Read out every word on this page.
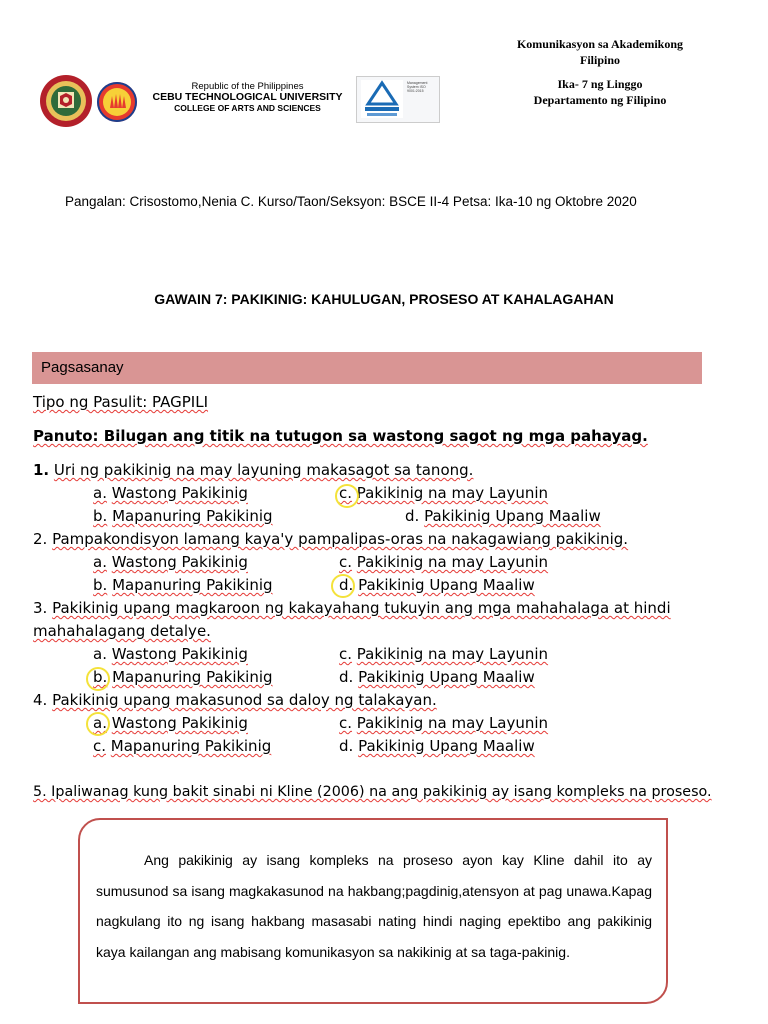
Komunikasyon sa Akademikong
Filipino
Ika- 7 ng Linggo
Departamento ng Filipino
Republic of the Philippines
CEBU TECHNOLOGICAL UNIVERSITY
COLLEGE OF ARTS AND SCIENCES
Management System ISO 9001:2015
Pangalan: Crisostomo,Nenia C. Kurso/Taon/Seksyon: BSCE II-4 Petsa: Ika-10 ng Oktobre 2020
GAWAIN 7: PAKIKINIG: KAHULUGAN, PROSESO AT KAHALAGAHAN
Pagsasanay
Tipo ng Pasulit: PAGPILI
Panuto: Bilugan ang titik na tutugon sa wastong sagot ng mga pahayag.
1. Uri ng pakikinig na may layuning makasagot sa tanong.
a. Wastong Pakikinig	c. Pakikinig na may Layunin
b. Mapanuring Pakikinig	d. Pakikinig Upang Maaliw
2. Pampakondisyon lamang kaya'y pampalipas-oras na nakagawiang pakikinig.
a. Wastong Pakikinig	c. Pakikinig na may Layunin
b. Mapanuring Pakikinig	d. Pakikinig Upang Maaliw
3. Pakikinig upang magkaroon ng kakayahang tukuyin ang mga mahahalaga at hindi
mahahalagang detalye.
a. Wastong Pakikinig	c. Pakikinig na may Layunin
b. Mapanuring Pakikinig	d. Pakikinig Upang Maaliw
4. Pakikinig upang makasunod sa daloy ng talakayan.
a. Wastong Pakikinig	c. Pakikinig na may Layunin
c. Mapanuring Pakikinig	d. Pakikinig Upang Maaliw
5. Ipaliwanag kung bakit sinabi ni Kline (2006) na ang pakikinig ay isang kompleks na proseso.
Ang pakikinig ay isang kompleks na proseso ayon kay Kline dahil ito ay sumusunod sa isang magkakasunod na hakbang;pagdinig,atensyon at pag unawa.Kapag nagkulang ito ng isang hakbang masasabi nating hindi naging epektibo ang pakikinig kaya kailangan ang mabisang komunikasyon sa nakikinig at sa taga-pakinig.
